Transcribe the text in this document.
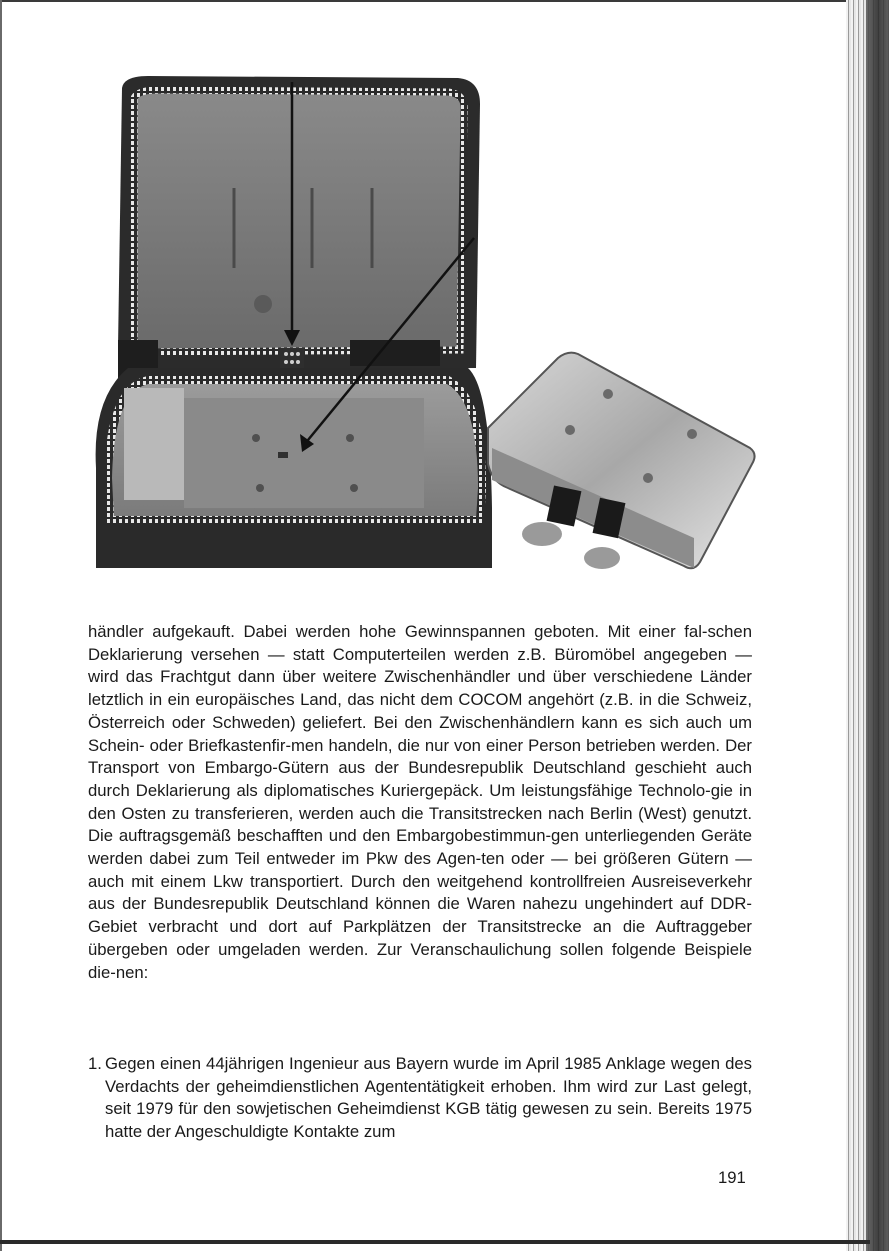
händler aufgekauft. Dabei werden hohe Gewinnspannen geboten. Mit einer fal-schen Deklarierung versehen — statt Computerteilen werden z.B. Büromöbel angegeben — wird das Frachtgut dann über weitere Zwischenhändler und über verschiedene Länder letztlich in ein europäisches Land, das nicht dem COCOM angehört (z.B. in die Schweiz, Österreich oder Schweden) geliefert. Bei den Zwischenhändlern kann es sich auch um Schein- oder Briefkastenfir-men handeln, die nur von einer Person betrieben werden. Der Transport von Embargo-Gütern aus der Bundesrepublik Deutschland geschieht auch durch Deklarierung als diplomatisches Kuriergepäck. Um leistungsfähige Technolo-gie in den Osten zu transferieren, werden auch die Transitstrecken nach Berlin (West) genutzt. Die auftragsgemäß beschafften und den Embargobestimmun-gen unterliegenden Geräte werden dabei zum Teil entweder im Pkw des Agen-ten oder — bei größeren Gütern — auch mit einem Lkw transportiert. Durch den weitgehend kontrollfreien Ausreiseverkehr aus der Bundesrepublik Deutschland können die Waren nahezu ungehindert auf DDR-Gebiet verbracht und dort auf Parkplätzen der Transitstrecke an die Auftraggeber übergeben oder umgeladen werden. Zur Veranschaulichung sollen folgende Beispiele die-nen:

1. Gegen einen 44jährigen Ingenieur aus Bayern wurde im April 1985 Anklage wegen des Verdachts der geheimdienstlichen Agententätigkeit erhoben. Ihm wird zur Last gelegt, seit 1979 für den sowjetischen Geheimdienst KGB tätig gewesen zu sein. Bereits 1975 hatte der Angeschuldigte Kontakte zum
191
